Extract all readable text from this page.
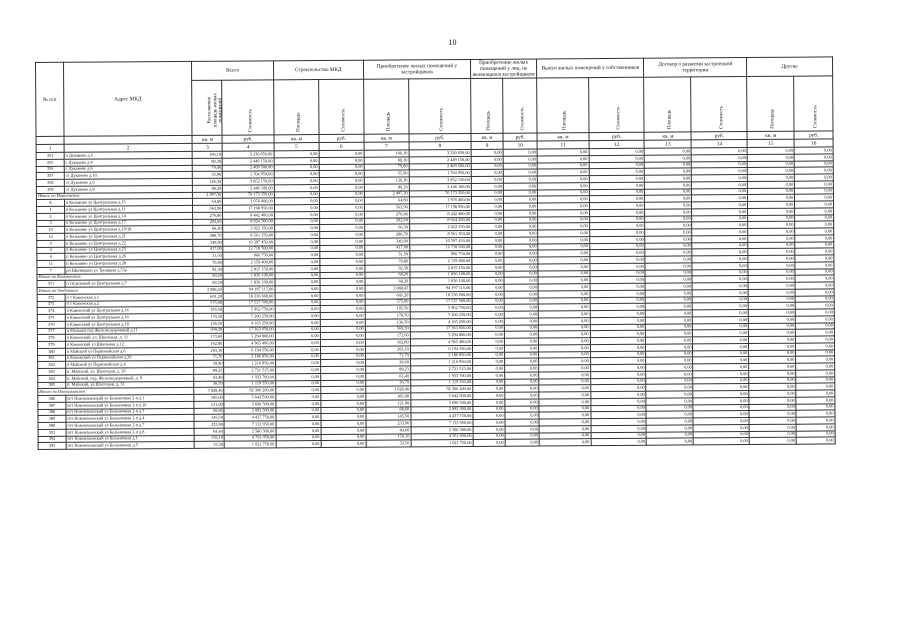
10
№ п/п	Адрес МКД	Всего		Строительство МКД		Приобретение жилых помещений у застройщиков		Приобретение жилых помещений у лиц, не являющихся застройщиком		Выкуп жилых помещений у собственников		Договор о развитии застроенной территории		Другие	

		Расселяемая площадь жилых помещений	Стоимость	Площадь	Стоимость	Площадь	Стоимость	Площадь	Стоимость	Площадь	Стоимость	Площадь	Стоимость	Площадь	Стоимость

		кв. м	руб.	кв. м	руб.	кв. м	руб.	кв. м	руб.	кв. м	руб.	кв. м	руб.	кв. м	руб.
1	2	3	4	5	6	7	8	9	10	11	12	13	14	15	16
351	п Дуканово д.5	106,10	3 230 650,00	0,00	0,00	106,10	3 230 650,00	0,00	0,00	0,00	0,00	0,00	0,00	0,00	0,00
355	с Дуканово д.4	80,30	2 449 150,00	0,00	0,00	80,30	2 449 150,00	0,00	0,00	0,00	0,00	0,00	0,00	0,00	0,00
356	с Дуканово д.6	79,00	2 409 500,00	0,00	0,00	79,00	2 409 500,00	0,00	0,00	0,00	0,00	0,00	0,00	0,00	0,00
357	ст Дуканово д.10	55,90	1 704 950,00	0,00	0,00	55,90	1 704 950,00	0,00	0,00	0,00	0,00	0,00	0,00	0,00	0,00
358	ст Дуканово д.6	126,30	3 852 150,00	0,00	0,00	126,30	3 852 150,00	0,00	0,00	0,00	0,00	0,00	0,00	0,00	0,00
359	ст Дуканово д.8	80,20	2 446 100,00	0,00	0,00	80,20	2 446 100,00	0,00	0,00	0,00	0,00	0,00	0,00	0,00	0,00
Итого по Пинеговское:		2 497,30	76 173 350,00	0,00	0,00	2 497,30	76 173 350,00	0,00	0,00	0,00	0,00	0,00	0,00	0,00	0,00
8	п Козьмино ул Центральная д.15	64,80	1 976 400,00	0,00	0,00	64,80	1 976 400,00	0,00	0,00	0,00	0,00	0,00	0,00	0,00	0,00
1	п Козьмино ул Центральная д.11	563,90	17 198 950,00	0,00	0,00	563,90	17 198 950,00	0,00	0,00	0,00	0,00	0,00	0,00	0,00	0,00
2	п Козьмино ул Центральная д.14	276,80	8 442 400,00	0,00	0,00	276,80	8 442 400,00	0,00	0,00	0,00	0,00	0,00	0,00	0,00	0,00
3	п Козьмино ул Центральная д.17	292,60	8 924 300,00	0,00	0,00	292,60	8 924 300,00	0,00	0,00	0,00	0,00	0,00	0,00	0,00	0,00
10	п Козьмино ул Центральная д.19/18	66,30	2 022 150,00	0,00	0,00	66,30	2 022 150,00	0,00	0,00	0,00	0,00	0,00	0,00	0,00	0,00
12	п Козьмино ул Центральная д.21	280,70	8 561 350,00	0,00	0,00	280,70	8 561 350,00	0,00	0,00	0,00	0,00	0,00	0,00	0,00	0,00
5	п Козьмино ул Центральная д.22	340,90	10 397 450,00	0,00	0,00	340,90	10 397 450,00	0,00	0,00	0,00	0,00	0,00	0,00	0,00	0,00
4	п Козьмино ул Центральная д.23	417,00	12 718 500,00	0,00	0,00	417,00	12 718 500,00	0,00	0,00	0,00	0,00	0,00	0,00	0,00	0,00
6	п Козьмино ул Центральная д.26	31,50	960 750,00	0,00	0,00	31,50	960 750,00	0,00	0,00	0,00	0,00	0,00	0,00	0,00	0,00
11	п Козьмино ул Центральная д.28	70,80	2 159 400,00	0,00	0,00	70,80	2 159 400,00	0,00	0,00	0,00	0,00	0,00	0,00	0,00	0,00
7	рп Шипицыно ул Троицкая д.53а	92,30	2 815 150,00	0,00	0,00	92,30	2 815 150,00	0,00	0,00	0,00	0,00	0,00	0,00	0,00	0,00
Итого по Козьминское:		60,20	1 836 100,00	0,00	0,00	60,20	1 836 100,00	0,00	0,00	0,00	0,00	0,00	0,00	0,00	0,00
371	п Отдельный ул Центральная д.7	60,20	1 836 100,00	0,00	0,00	60,20	1 836 100,00	0,00	0,00	0,00	0,00	0,00	0,00	0,00	0,00
Итого по Отдельное:		3 088,43	94 197 115,00	0,00	0,00	3 088,43	94 197 115,00	0,00	0,00	0,00	0,00	0,00	0,00	0,00	0,00
372	п 1 Каменская д.1	601,20	18 336 600,00	0,00	0,00	601,20	18 336 600,00	0,00	0,00	0,00	0,00	0,00	0,00	0,00	0,00
373	п 1 Каменская д.2	575,00	17 537 500,00	0,00	0,00	575,00	17 537 500,00	0,00	0,00	0,00	0,00	0,00	0,00	0,00	0,00
374	п Каменский ул Центральная д.14	195,50	5 962 750,00	0,00	0,00	195,50	5 962 750,00	0,00	0,00	0,00	0,00	0,00	0,00	0,00	0,00
375	п Каменский ул Центральная д.16	170,50	5 200 250,00	0,00	0,00	170,50	5 200 250,00	0,00	0,00	0,00	0,00	0,00	0,00	0,00	0,00
376	п Каменский ул Центральная д.18	136,50	4 163 250,00	0,00	0,00	136,50	4 163 250,00	0,00	0,00	0,00	0,00	0,00	0,00	0,00	0,00
377	п Мальцев пер Железнодорожный д.11	569,30	17 363 650,00	0,00	0,00	569,30	17 363 650,00	0,00	0,00	0,00	0,00	0,00	0,00	0,00	0,00
378	п Каменский, ул. Школьная, д. 11	173,60	5 294 800,00	0,00	0,00	173,60	5 294 800,00	0,00	0,00	0,00	0,00	0,00	0,00	0,00	0,00
379	п Каменский ул Школьная д.12	162,80	4 965 400,00	0,00	0,00	162,80	4 965 400,00	0,00	0,00	0,00	0,00	0,00	0,00	0,00	0,00
380	п Майский ул Первомайская д.6	203,10	6 194 550,00	0,00	0,00	203,10	6 194 550,00	0,00	0,00	0,00	0,00	0,00	0,00	0,00	0,00
381	п Каменский ул Первомайская д.20	71,70	2 186 850,00	0,00	0,00	71,70	2 186 850,00	0,00	0,00	0,00	0,00	0,00	0,00	0,00	0,00
382	п Майский ул Первомайская д.4	39,90	1 216 950,00	0,00	0,00	39,90	1 216 950,00	0,00	0,00	0,00	0,00	0,00	0,00	0,00	0,00
383	п. Майский, ул. Шахтеров, д. 26	89,23	2 721 515,00	0,00	0,00	89,23	2 721 515,00	0,00	0,00	0,00	0,00	0,00	0,00	0,00	0,00
384	п. Майский, пер. Железнодорожный, д. 9	63,40	1 933 700,00	0,00	0,00	63,40	1 933 700,00	0,00	0,00	0,00	0,00	0,00	0,00	0,00	0,00
385	п. Майский, ул.Шахтеров, д. 31	36,70	1 119 350,00	0,00	0,00	36,70	1 119 350,00	0,00	0,00	0,00	0,00	0,00	0,00	0,00	0,00
Итого по Новоильинское:		3 028,40	92 366 200,00	0,00	0,00	3 028,40	92 366 200,00	0,00	0,00	0,00	0,00	0,00	0,00	0,00	0,00
386	пгт Новоильинский ул Больничная 2-я д.1	185,00	5 642 500,00	0,00	0,00	185,00	5 642 500,00	0,00	0,00	0,00	0,00	0,00	0,00	0,00	0,00
387	пгт Новоильинский ул Больничная 2-я д.10	121,00	3 690 500,00	0,00	0,00	121,00	3 690 500,00	0,00	0,00	0,00	0,00	0,00	0,00	0,00	0,00
388	пгт Новоильинский ул Больничная 2-я д.3	68,60	2 092 300,00	0,00	0,00	68,60	2 092 300,00	0,00	0,00	0,00	0,00	0,00	0,00	0,00	0,00
389	пгт Новоильинский ул Больничная 2-я д.4	145,50	4 437 750,00	0,00	0,00	145,50	4 437 750,00	0,00	0,00	0,00	0,00	0,00	0,00	0,00	0,00
390	пгт Новоильинский ул Больничная 2-я д.7	233,90	7 133 950,00	0,00	0,00	233,90	7 133 950,00	0,00	0,00	0,00	0,00	0,00	0,00	0,00	0,00
391	пгт Новоильинский ул Больничная 2-я д.8	84,60	2 580 300,00	0,00	0,00	84,60	2 580 300,00	0,00	0,00	0,00	0,00	0,00	0,00	0,00	0,00
392	пгт Новоильинский ул Больничная д.1	156,10	4 761 050,00	0,00	0,00	156,10	4 761 050,00	0,00	0,00	0,00	0,00	0,00	0,00	0,00	0,00
393	пгт Новоильинский ул Больничная д.5	33,50	1 021 750,00	0,00	0,00	33,50	1 021 750,00	0,00	0,00	0,00	0,00	0,00	0,00	0,00	0,00
